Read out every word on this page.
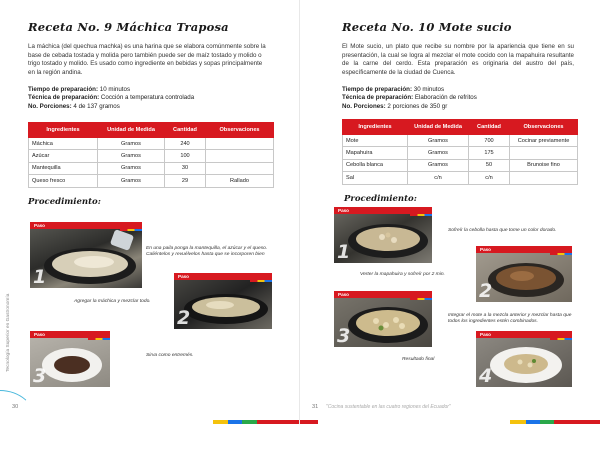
Receta No. 9 Máchica Traposa
La máchica (del quechua machka) es una harina que se elabora comúnmente sobre la base de cebada tostada y molida pero también puede ser de maíz tostado y molido o trigo tostado y molido. Es usado como ingrediente en bebidas y sopas principalmente en la región andina.
Tiempo de preparación: 10 minutos
Técnica de preparación: Cocción a temperatura controlada
No. Porciones: 4 de 137 gramos
Ingredientes	Unidad de Medida	Cantidad	Observaciones
Máchica	Gramos	240	
Azúcar	Gramos	100	
Mantequilla	Gramos	30	
Queso fresco	Gramos	29	Rallado
Procedimiento:
Paso
1
En una paila ponga la mantequilla, el azúcar y el queso. Caliéntelos y revuélvelos hasta que se incorporen bien
Paso
2
Agregar la máchica y mezclar todo.
Paso
3
Sirva como entremés.
Tecnología Superior en Gastronomía
30
Receta No. 10 Mote sucio
El Mote sucio, un plato que recibe su nombre por la apariencia que tiene en su presentación, la cual se logra al mezclar el mote cocido con la mapahuira resultante de la carne del cerdo. Esta preparación es originaria del austro del país, específicamente de la ciudad de Cuenca.
Tiempo de preparación: 30 minutos
Técnica de preparación: Elaboración de refritos
No. Porciones: 2 porciones de 350 gr
Ingredientes	Unidad de Medida	Cantidad	Observaciones
Mote	Gramos	700	Cocinar previamente
Mapahuira	Gramos	175	
Cebolla blanca	Gramos	50	Brunoise fino
Sal	c/n	c/n	
Procedimiento:
Paso
1
Sofreír la cebolla hasta que tome un color dorado.
Paso
2
Verter la mapahuira y sofreír por 2 min.
Paso
3
Integrar el mote a la mezcla anterior y mezclar hasta que todos los ingredientes estén combinados.
Paso
4
Resultado final
31 "Cocina sustentable en las cuatro regiones del Ecuador"
